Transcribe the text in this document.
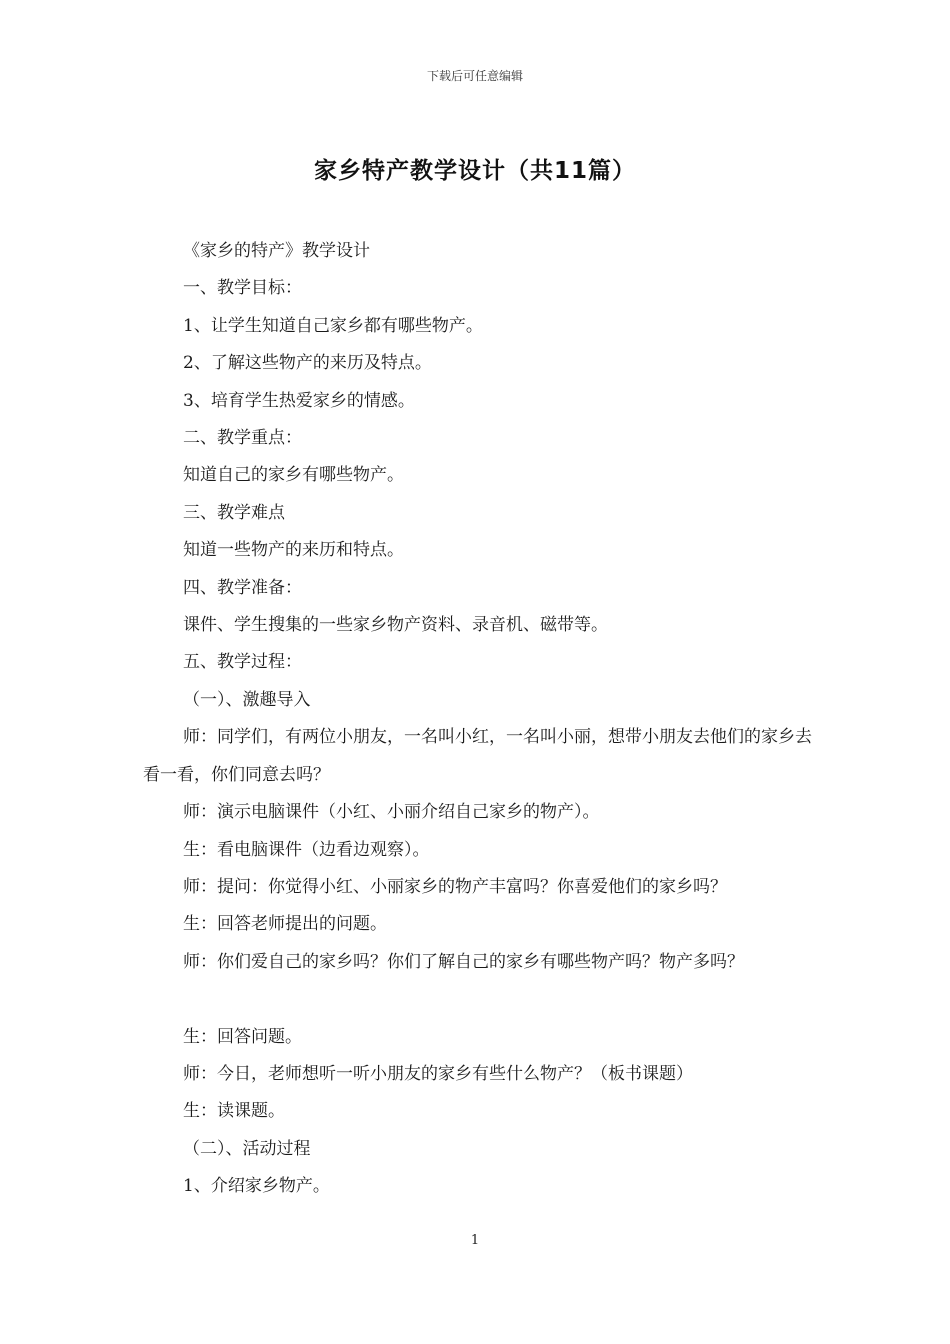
下载后可任意编辑
家乡特产教学设计（共11篇）

《家乡的特产》教学设计

一、教学目标：

1、让学生知道自己家乡都有哪些物产。

2、了解这些物产的来历及特点。

3、培育学生热爱家乡的情感。

二、教学重点：

知道自己的家乡有哪些物产。

三、教学难点

知道一些物产的来历和特点。

四、教学准备：

课件、学生搜集的一些家乡物产资料、录音机、磁带等。

五、教学过程：

（一）、激趣导入

师：同学们，有两位小朋友，一名叫小红，一名叫小丽，想带小朋友去他们的家乡去看一看，你们同意去吗？

师：演示电脑课件（小红、小丽介绍自己家乡的物产）。

生：看电脑课件（边看边观察）。

师：提问：你觉得小红、小丽家乡的物产丰富吗？你喜爱他们的家乡吗？

生：回答老师提出的问题。

师：你们爱自己的家乡吗？你们了解自己的家乡有哪些物产吗？物产多吗？

生：回答问题。

师：今日，老师想听一听小朋友的家乡有些什么物产？（板书课题）

生：读课题。

（二）、活动过程

1、介绍家乡物产。

1
